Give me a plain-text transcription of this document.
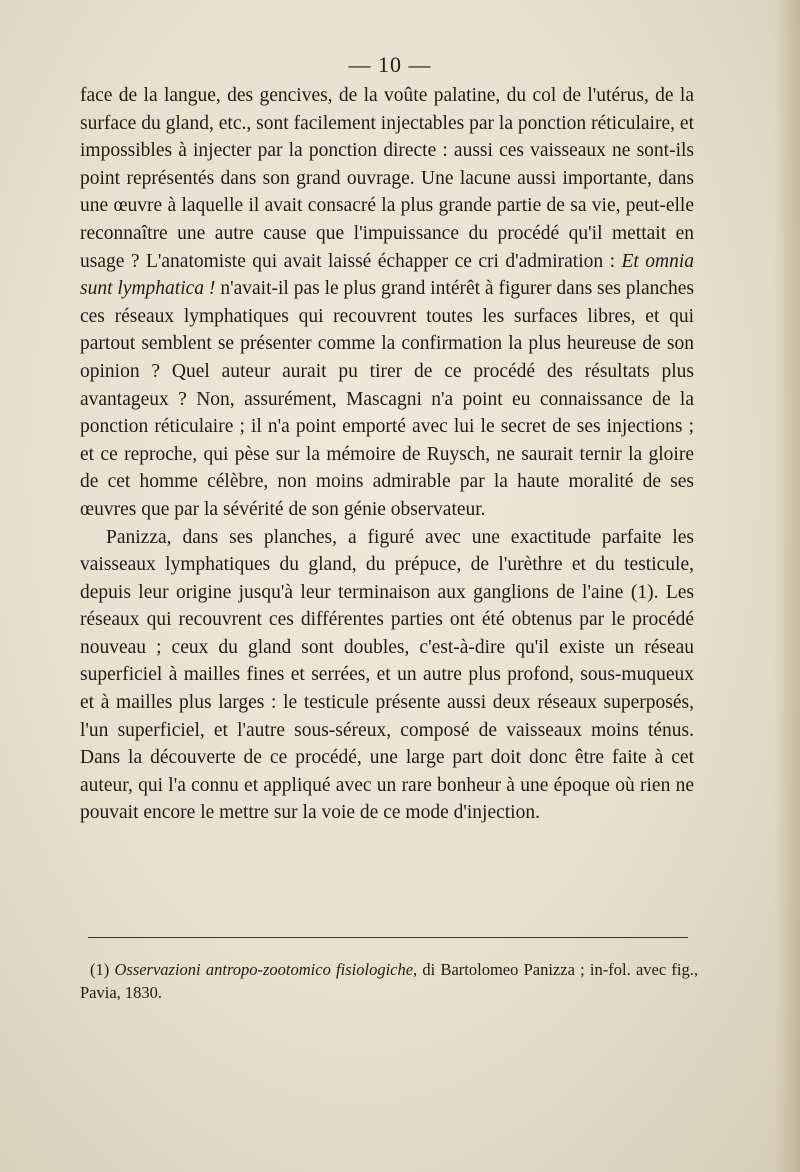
— 10 —

face de la langue, des gencives, de la voûte palatine, du col de l'utérus, de la surface du gland, etc., sont facilement injectables par la ponction réticulaire, et impossibles à injecter par la ponction directe : aussi ces vaisseaux ne sont-ils point représentés dans son grand ouvrage. Une lacune aussi importante, dans une œuvre à laquelle il avait consacré la plus grande partie de sa vie, peut-elle reconnaître une autre cause que l'impuissance du procédé qu'il mettait en usage ? L'anatomiste qui avait laissé échapper ce cri d'admiration : Et omnia sunt lymphatica ! n'avait-il pas le plus grand intérêt à figurer dans ses planches ces réseaux lymphatiques qui recouvrent toutes les surfaces libres, et qui partout semblent se présenter comme la confirmation la plus heureuse de son opinion ? Quel auteur aurait pu tirer de ce procédé des résultats plus avantageux ? Non, assurément, Mascagni n'a point eu connaissance de la ponction réticulaire ; il n'a point emporté avec lui le secret de ses injections ; et ce reproche, qui pèse sur la mémoire de Ruysch, ne saurait ternir la gloire de cet homme célèbre, non moins admirable par la haute moralité de ses œuvres que par la sévérité de son génie observateur.

Panizza, dans ses planches, a figuré avec une exactitude parfaite les vaisseaux lymphatiques du gland, du prépuce, de l'urèthre et du testicule, depuis leur origine jusqu'à leur terminaison aux ganglions de l'aine (1). Les réseaux qui recouvrent ces différentes parties ont été obtenus par le procédé nouveau ; ceux du gland sont doubles, c'est-à-dire qu'il existe un réseau superficiel à mailles fines et serrées, et un autre plus profond, sous-muqueux et à mailles plus larges : le testicule présente aussi deux réseaux superposés, l'un superficiel, et l'autre sous-séreux, composé de vaisseaux moins ténus. Dans la découverte de ce procédé, une large part doit donc être faite à cet auteur, qui l'a connu et appliqué avec un rare bonheur à une époque où rien ne pouvait encore le mettre sur la voie de ce mode d'injection.

(1) Osservazioni antropo-zootomico fisiologiche, di Bartolomeo Panizza ; in-fol. avec fig., Pavia, 1830.
